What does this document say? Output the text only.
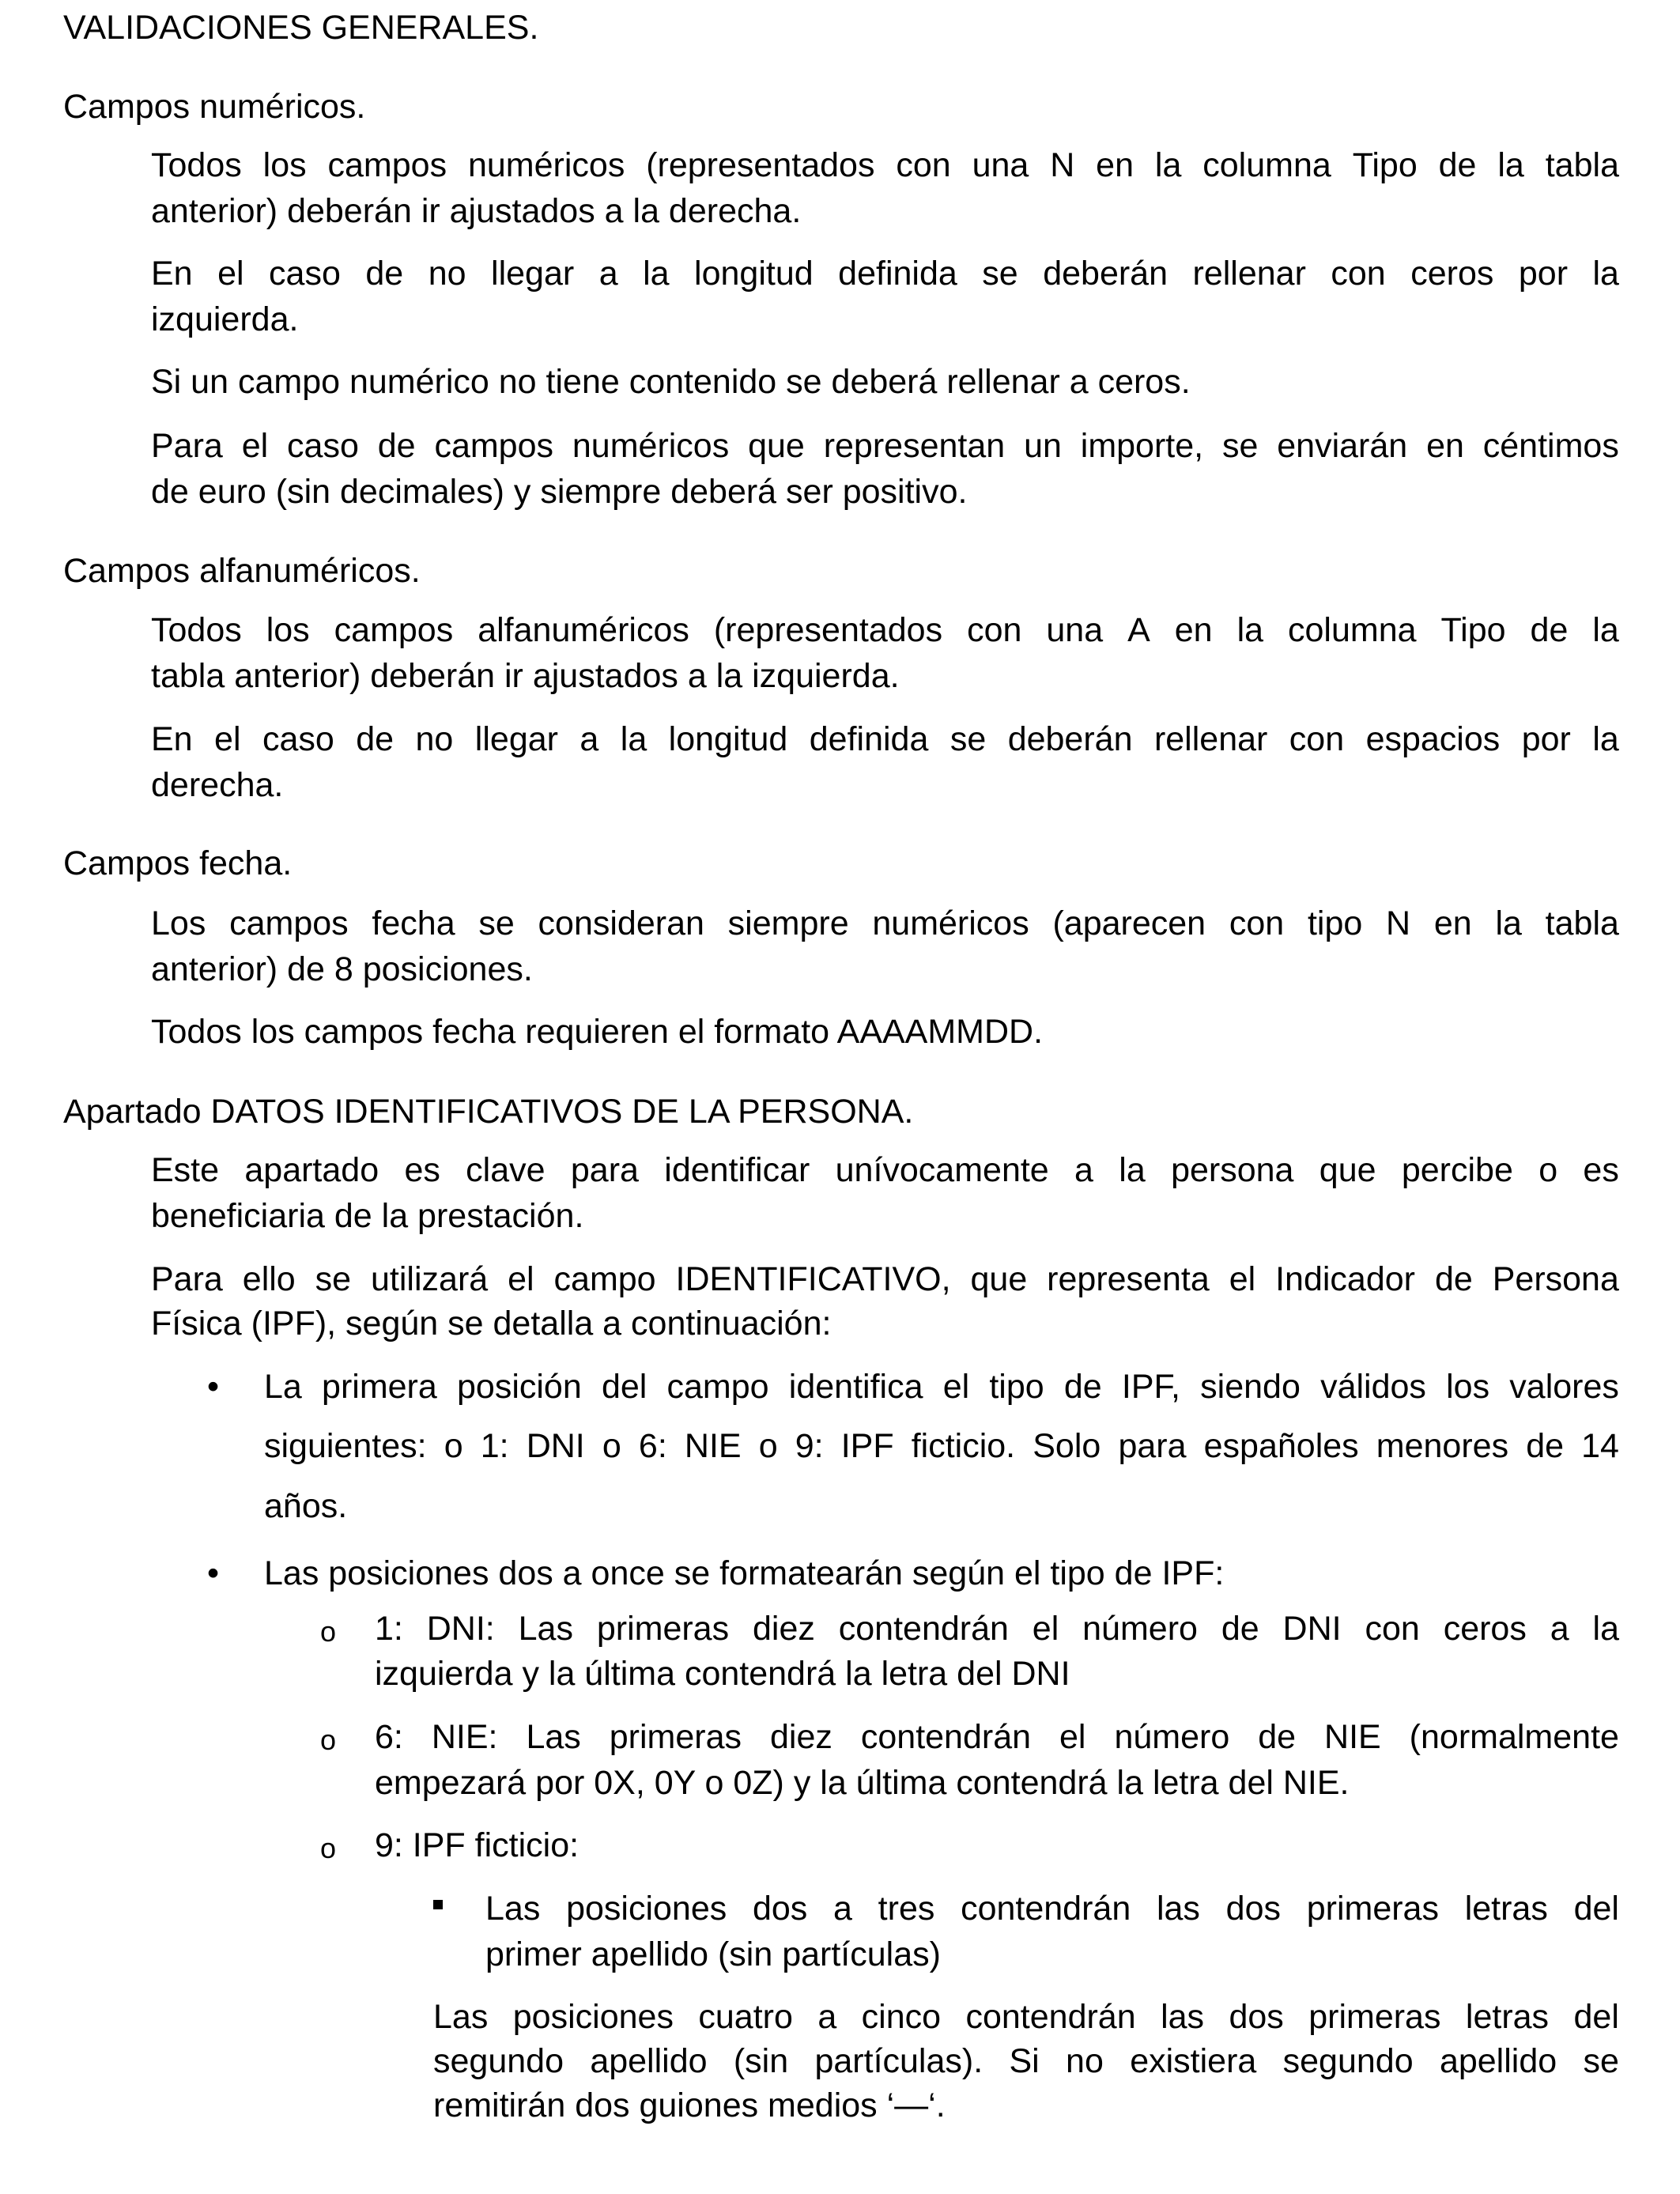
VALIDACIONES GENERALES.
Campos numéricos.
Todos los campos numéricos (representados con una N en la columna Tipo de la tabla
anterior) deberán ir ajustados a la derecha.
En el caso de no llegar a la longitud definida se deberán rellenar con ceros por la
izquierda.
Si un campo numérico no tiene contenido se deberá rellenar a ceros.
Para el caso de campos numéricos que representan un importe, se enviarán en céntimos
de euro (sin decimales) y siempre deberá ser positivo.
Campos alfanuméricos.
Todos los campos alfanuméricos (representados con una A en la columna Tipo de la
tabla anterior) deberán ir ajustados a la izquierda.
En el caso de no llegar a la longitud definida se deberán rellenar con espacios por la
derecha.
Campos fecha.
Los campos fecha se consideran siempre numéricos (aparecen con tipo N en la tabla
anterior) de 8 posiciones.
Todos los campos fecha requieren el formato AAAAMMDD.
Apartado DATOS IDENTIFICATIVOS DE LA PERSONA.
Este apartado es clave para identificar unívocamente a la persona que percibe o es
beneficiaria de la prestación.
Para ello se utilizará el campo IDENTIFICATIVO, que representa el Indicador de Persona
Física (IPF), según se detalla a continuación:
• La primera posición del campo identifica el tipo de IPF, siendo válidos los valores
siguientes: o 1: DNI o 6: NIE o 9: IPF ficticio. Solo para españoles menores de 14
años.
• Las posiciones dos a once se formatearán según el tipo de IPF:
o 1: DNI: Las primeras diez contendrán el número de DNI con ceros a la
izquierda y la última contendrá la letra del DNI
o 6: NIE: Las primeras diez contendrán el número de NIE (normalmente
empezará por 0X, 0Y o 0Z) y la última contendrá la letra del NIE.
o 9: IPF ficticio:
Las posiciones dos a tres contendrán las dos primeras letras del
primer apellido (sin partículas)
Las posiciones cuatro a cinco contendrán las dos primeras letras del
segundo apellido (sin partículas). Si no existiera segundo apellido se
remitirán dos guiones medios ‘—‘.
